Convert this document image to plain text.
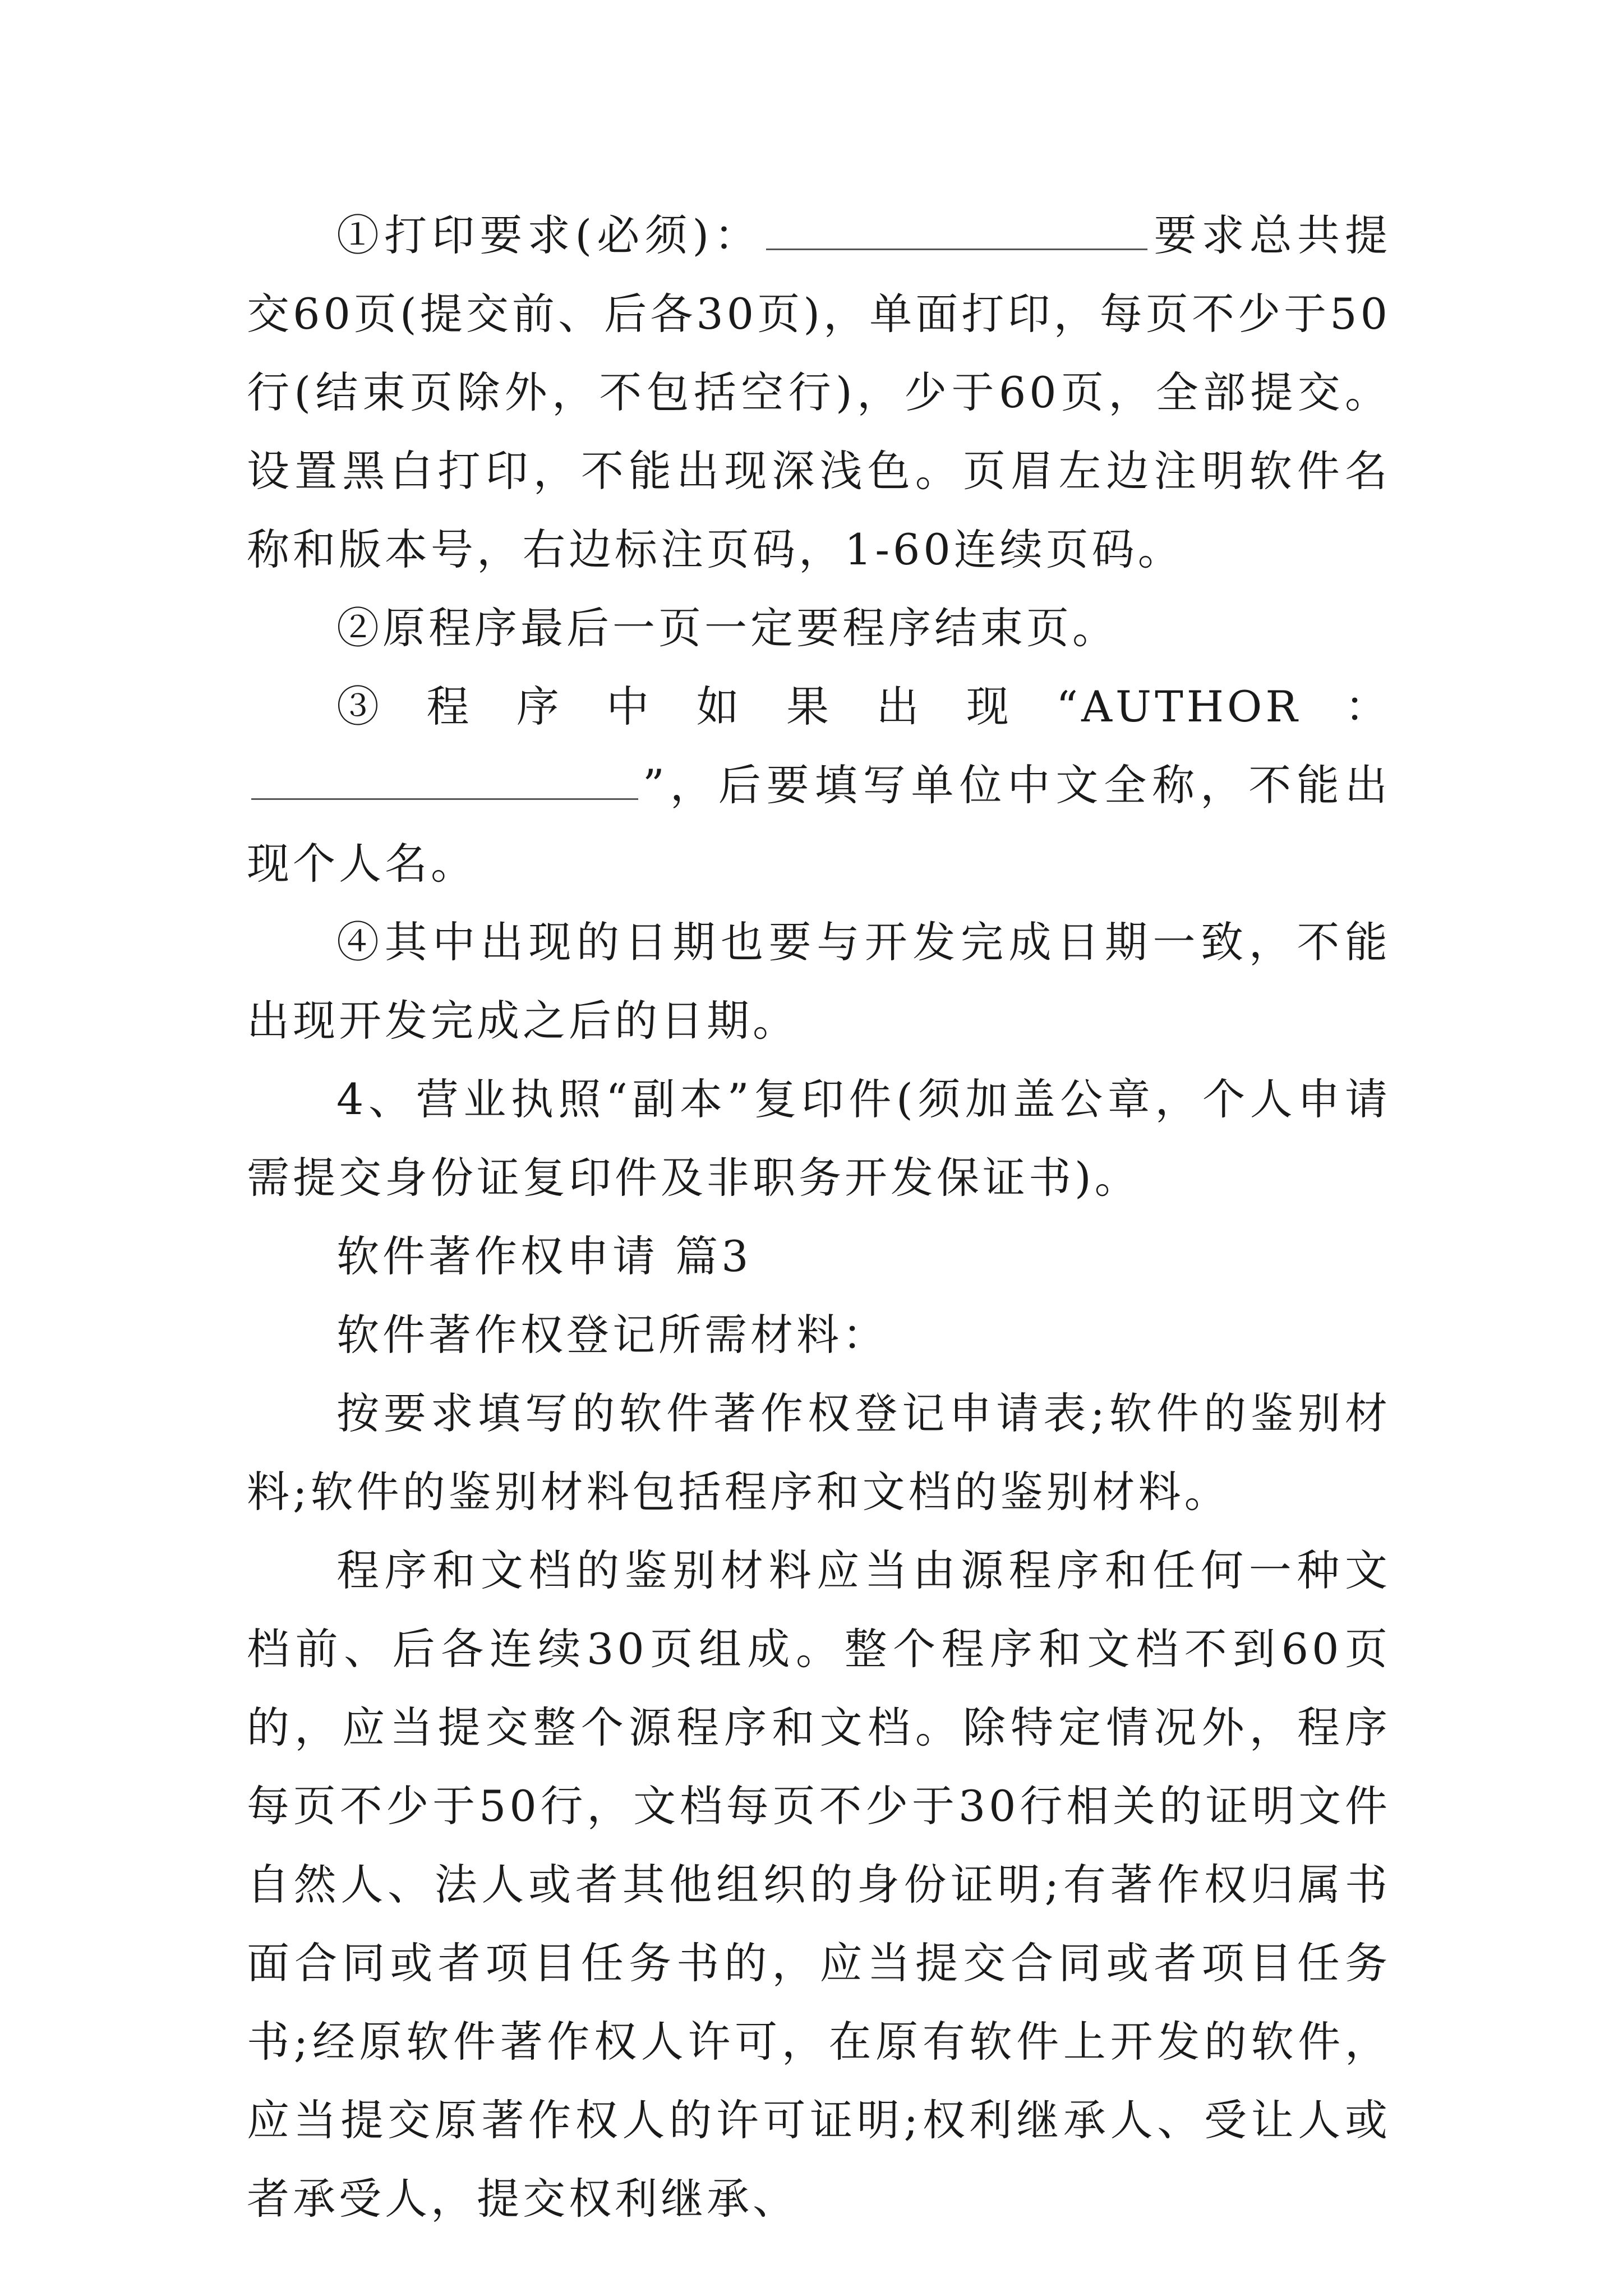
①打印要求(必须)：	要求总共提交60页(提交前、后各30页)，单面打印，每页不少于50行(结束页除外，不包括空行)，少于60页，全部提交。设置黑白打印，不能出现深浅色。页眉左边注明软件名称和版本号，右边标注页码，1-60连续页码。

②原程序最后一页一定要程序结束页。

③程序中如果出现“AUTHOR：”，后要填写单位中文全称，不能出现个人名。

④其中出现的日期也要与开发完成日期一致，不能出现开发完成之后的日期。

4、营业执照“副本”复印件(须加盖公章，个人申请需提交身份证复印件及非职务开发保证书)。

软件著作权申请 篇3

软件著作权登记所需材料：

按要求填写的软件著作权登记申请表;软件的鉴别材料;软件的鉴别材料包括程序和文档的鉴别材料。

程序和文档的鉴别材料应当由源程序和任何一种文档前、后各连续30页组成。整个程序和文档不到60页的，应当提交整个源程序和文档。除特定情况外，程序每页不少于50行，文档每页不少于30行相关的证明文件自然人、法人或者其他组织的身份证明;有著作权归属书面合同或者项目任务书的，应当提交合同或者项目任务书;经原软件著作权人许可，在原有软件上开发的软件，应当提交原著作权人的许可证明;权利继承人、受让人或者承受人，提交权利继承、
